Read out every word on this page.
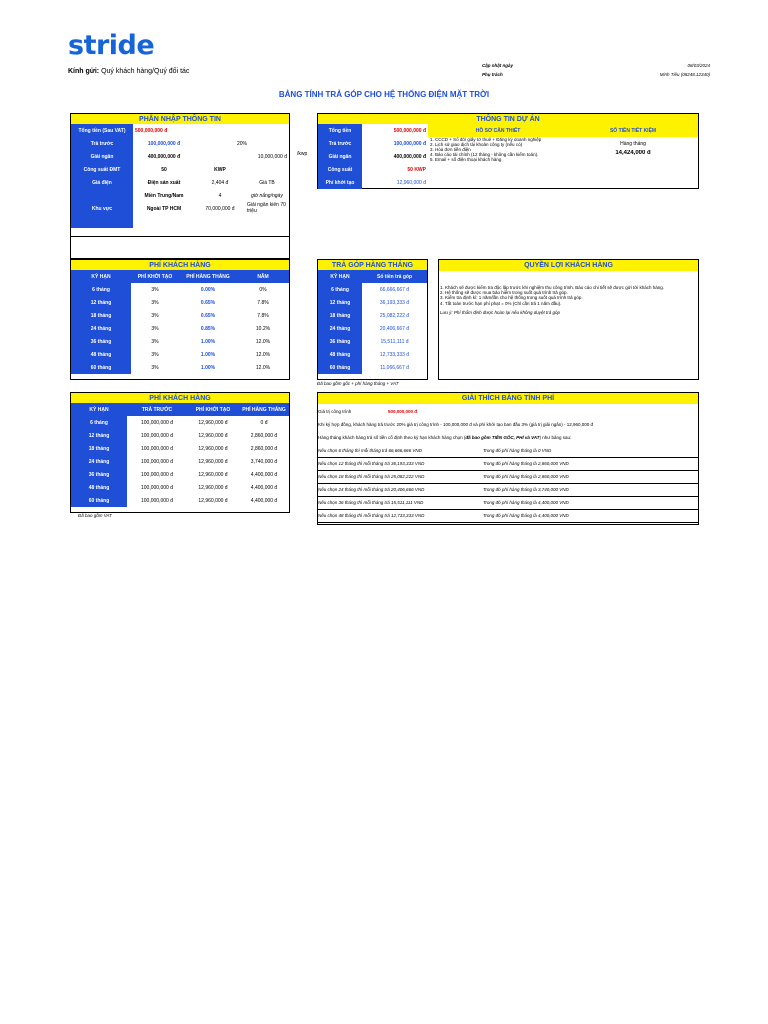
stride
Kính gửi: Quý khách hàng/Quý đối tác
Cập nhật ngày
Phụ trách
08/03/2024
Minh Tiêu (08248.12340)
BẢNG TÍNH TRẢ GÓP CHO HỆ THỐNG ĐIỆN MẶT TRỜI
PHẦN NHẬP THÔNG TIN			
Tổng tiền (Sau VAT)	500,000,000 đ		
Trả trước	100,000,000 đ	20%	
Giải ngân	400,000,000 đ	10,000,000 đ	
Công suất ĐMT	50	KWP	
Giá điện	Điện sản xuất	2,404 đ	Giá TB
Khu vực	Miền Trung/Nam	4	giờ nắng/ngày
	Ngoài TP HCM	70,000,000 đ	Giải ngân kiến 70 triệu

/kwp
THÔNG TIN DỰ ÁN			
Tổng tiền	500,000,000 đ	HỒ SƠ CẦN THIẾT	SỐ TIỀN TIẾT KIỆM
Trả trước	100,000,000 đ	1. CCCD + Sổ đỏ/ giấy tờ thuê + Đăng ký doanh nghiệp
2. Lịch sử giao dịch tài khoản công ty (nếu có)
3. Hóa đơn tiền điện
4. Báo cáo tài chính (12 tháng - không cần kiểm toán).
5. Email + số điện thoại khách hàng	Hàng tháng
Giải ngân	400,000,000 đ		14,424,000 đ
Công suất	50 KWP		
Phí khởi tạo	12,960,000 đ		
PHÍ KHÁCH HÀNG			
KỲ HẠN	PHÍ KHỞI TẠO	PHÍ HÀNG THÁNG	NĂM
6 tháng	3%	0.00%	0%
12 tháng	3%	0.65%	7.8%
18 tháng	3%	0.65%	7.8%
24 tháng	3%	0.85%	10.2%
36 tháng	3%	1.00%	12.0%
48 tháng	3%	1.00%	12.0%
60 tháng	3%	1.00%	12.0%
TRẢ GÓP HÀNG THÁNG	
KỲ HẠN	Số tiền trả góp
6 tháng	66,666,667 đ
12 tháng	36,193,333 đ
18 tháng	25,082,222 đ
24 tháng	20,406,667 đ
36 tháng	15,511,111 đ
48 tháng	12,733,333 đ
60 tháng	11,066,667 đ
Đã bao gồm gốc + phí hàng tháng + VAT
QUYỀN LỢI KHÁCH HÀNG
1. Khách sẽ được kiểm tra độc lập trước khi nghiệm thu công trình. Báo cáo chi tiết sẽ được gửi tới khách hàng.
2. Hệ thống sẽ được mua bảo hiểm trong suốt quá trình trả góp.
3. Kiểm tra định kì: 1 năm/lần cho hệ thống trong suốt quá trình trả góp.
4. Tất toán trước hạn phí phạt = 0% (Chỉ cần trả 1 năm đầu).
Lưu ý: Phí thẩm định được hoàn lại nếu không duyệt trả góp
PHÍ KHÁCH HÀNG			
KỲ HẠN	TRẢ TRƯỚC	PHÍ KHỞI TẠO	PHÍ HÀNG THÁNG
6 tháng	100,000,000 đ	12,960,000 đ	0 đ
12 tháng	100,000,000 đ	12,960,000 đ	2,860,000 đ
18 tháng	100,000,000 đ	12,960,000 đ	2,860,000 đ
24 tháng	100,000,000 đ	12,960,000 đ	3,740,000 đ
36 tháng	100,000,000 đ	12,960,000 đ	4,400,000 đ
48 tháng	100,000,000 đ	12,960,000 đ	4,400,000 đ
60 tháng	100,000,000 đ	12,960,000 đ	4,400,000 đ
Đã bao gồm VAT
GIẢI THÍCH BẢNG TÍNH PHÍ
Giá trị công trình	500,000,000 đ
Khi ký hợp đồng, khách hàng trả trước 20% giá trị công trình - 100,000,000 đ và phí khởi tạo ban đầu 3% (giá trị giải ngân) - 12,960,000 đ
Hàng tháng khách hàng trả số tiền cố định theo kỳ hạn khách hàng chọn (đã bao gồm TIỀN GỐC, PHÍ và VAT) như bảng sau:
Nếu chọn 6 tháng thì mỗi tháng trả 66,666,666 VND	Trong đó phí hàng tháng là 0 VND
Nếu chọn 12 tháng thì mỗi tháng trả 36,193,333 VND	Trong đó phí hàng tháng là 2,860,000 VND
Nếu chọn 18 tháng thì mỗi tháng trả 25,082,222 VND	Trong đó phí hàng tháng là 2,860,000 VND
Nếu chọn 24 tháng thì mỗi tháng trả 20,406,666 VND	Trong đó phí hàng tháng là 3,740,000 VND
Nếu chọn 36 tháng thì mỗi tháng trả 15,511,111 VND	Trong đó phí hàng tháng là 4,400,000 VND
Nếu chọn 48 tháng thì mỗi tháng trả 12,733,333 VND	Trong đó phí hàng tháng là 4,400,000 VND
